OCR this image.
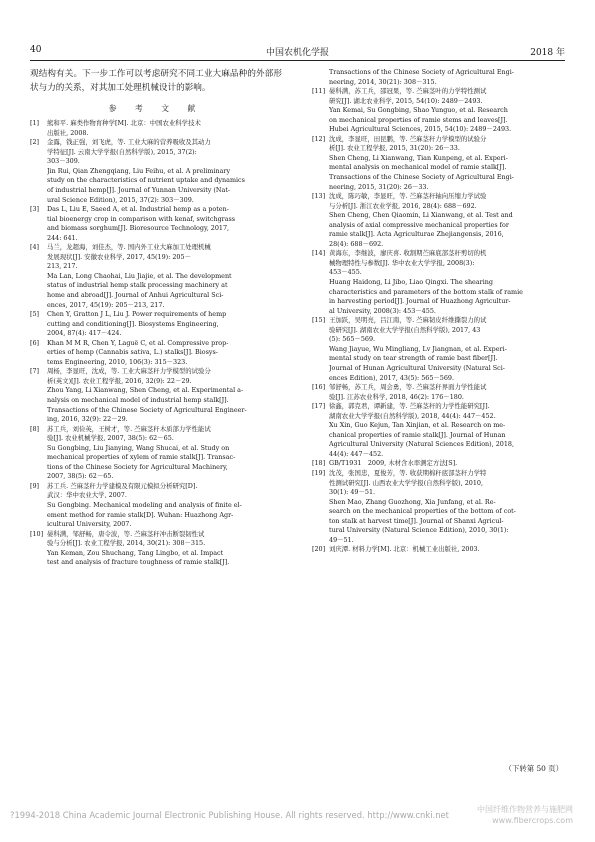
40	中国农机化学报	2018 年

观结构有关。下一步工作可以考虑研究不同工业大麻品种的外部形状与力的关系，对其加工处理机械设计的影响。

参 考 文 献
[1] 熊和平. 麻类作物育种学[M]. 北京：中国农业科学技术
出版社, 2008.
[2] 金露，钱正强，刘飞虎，等. 工业大麻的营养吸收及其动力
学特征[J]. 云南大学学报(自然科学版), 2015, 37(2):
303－309.
Jin Rui, Qian Zhengqiang, Liu Feihu, et al. A preliminary
study on the characteristics of nutrient uptake and dynamics
of industrial hemp[J]. Journal of Yunnan University (Nat-
ural Science Edition), 2015, 37(2): 303－309.
[3] Das L, Liu E, Saeed A, et al. Industrial hemp as a poten-
tial bioenergy crop in comparison with kenaf, switchgrass
and biomass sorghum[J]. Bioresource Technology, 2017,
244: 641.
[4] 马兰，龙超海，刘佳杰，等. 国内外工业大麻加工处理机械
发展现状[J]. 安徽农业科学, 2017, 45(19): 205－
213, 217.
Ma Lan, Long Chaohai, Liu Jiajie, et al. The development
status of industrial hemp stalk processing machinery at
home and abroad[J]. Journal of Anhui Agricultural Sci-
ences, 2017, 45(19): 205－213, 217.
[5] Chen Y, Gratton J L, Liu J. Power requirements of hemp
cutting and conditioning[J]. Biosystems Engineering,
2004, 87(4): 417－424.
[6] Khan M M R, Chen Y, Laguë C, et al. Compressive prop-
erties of hemp (Cannabis sativa, L.) stalks[J]. Biosys-
tems Engineering, 2010, 106(3): 315－323.
[7] 周杨，李显旺，沈成，等. 工业大麻茎秆力学模型的试验分
析(英文)[J]. 农业工程学报, 2016, 32(9): 22－29.
Zhou Yang, Li Xianwang, Shen Cheng, et al. Experimental a-
nalysis on mechanical model of industrial hemp stalk[J].
Transactions of the Chinese Society of Agricultural Engineer-
ing, 2016, 32(9): 22－29.
[8] 苏工兵，刘俭英，王树才，等. 苎麻茎秆木质部力学性能试
验[J]. 农业机械学报, 2007, 38(5): 62－65.
Su Gongbing, Liu Jianying, Wang Shucai, et al. Study on
mechanical properties of xylem of ramie stalk[J]. Transac-
tions of the Chinese Society for Agricultural Machinery,
2007, 38(5): 62－65.
[9] 苏工兵. 苎麻茎秆力学建模及有限元模拟分析研究[D].
武汉：华中农业大学, 2007.
Su Gongbing. Mechanical modeling and analysis of finite el-
ement method for ramie stalk[D]. Wuhan: Huazhong Agr-
icultural University, 2007.
[10] 晏科满，邹舒畅，唐令波，等. 苎麻茎秆冲击断裂韧性试
验与分析[J]. 农业工程学报, 2014, 30(21): 308－315.
Yan Keman, Zou Shuchang, Tang Lingbo, et al. Impact
test and analysis of fracture toughness of ramie stalk[J].
Transactions of the Chinese Society of Agricultural Engi-
neering, 2014, 30(21): 308－315.
[11] 晏科满，苏工兵，邵冠果，等. 苎麻茎叶的力学特性测试
研究[J]. 湖北农业科学, 2015, 54(10): 2489－2493.
Yan Kemai, Su Gongbing, Shao Yunguo, et al. Research
on mechanical properties of ramie stems and leaves[J].
Hubei Agricultural Sciences, 2015, 54(10): 2489－2493.
[12] 沈成，李显旺，田昆鹏，等. 苎麻茎秆力学模型的试验分
析[J]. 农业工程学报, 2015, 31(20): 26－33.
Shen Cheng, Li Xianwang, Tian Kunpeng, et al. Experi-
mental analysis on mechanical model of ramie stalk[J].
Transactions of the Chinese Society of Agricultural Engi-
neering, 2015, 31(20): 26－33.
[13] 沈成，陈巧敏，李显旺，等. 苎麻茎秆轴向压缩力学试验
与分析[J]. 浙江农业学报, 2016, 28(4): 688－692.
Shen Cheng, Chen Qiaomin, Li Xianwang, et al. Test and
analysis of axial compressive mechanical properties for
ramie stalk[J]. Acta Agriculturae Zhejiangensis, 2016,
28(4): 688－692.
[14] 黄海东，李继波，廖庆喜. 收割期苎麻底部茎秆剪切的机
械物理特性与参数[J]. 华中农业大学学报, 2008(3):
453－455.
Huang Haidong, Li Jibo, Liao Qingxi. The shearing
characteristics and parameters of the bottom stalk of ramie
in harvesting period[J]. Journal of Huazhong Agricultur-
al University, 2008(3): 453－455.
[15] 王加跃，吴明亮，吕江南，等. 苎麻韧皮纤维撕裂力的试
验研究[J]. 湖南农业大学学报(自然科学版), 2017, 43
(5): 565－569.
Wang Jiayue, Wu Mingliang, Lv Jiangnan, et al. Experi-
mental study on tear strength of ramie bast fiber[J].
Journal of Hunan Agricultural University (Natural Sci-
ences Edition), 2017, 43(5): 565－569.
[16] 邹舒畅，苏工兵，周会勇，等. 苎麻茎秆界面力学性能试
验[J]. 江苏农业科学, 2018, 46(2): 176－180.
[17] 徐鑫，郭克君，谭新建，等. 苎麻茎秆的力学性能研究[J].
湖南农业大学学报(自然科学版), 2018, 44(4): 447－452.
Xu Xin, Guo Kejun, Tan Xinjian, et al. Research on me-
chanical properties of ramie stalk[J]. Journal of Hunan
Agricultural University (Natural Sciences Edition), 2018,
44(4): 447－452.
[18] GB/T1931　2009, 木材含水率测定方法[S].
[19] 沈茂，张国忠，夏俊芳，等. 收获期棉秆底部茎秆力学特
性测试研究[J]. 山西农业大学学报(自然科学版), 2010,
30(1): 49－51.
Shen Mao, Zhang Guozhong, Xia Junfang, et al. Re-
search on the mechanical properties of the bottom of cot-
ton stalk at harvest time[J]. Journal of Shanxi Agricul-
tural University (Natural Science Edition), 2010, 30(1):
49－51.
[20] 刘庆潭. 材料力学[M]. 北京：机械工业出版社, 2003.
（下转第 50 页）
?1994-2018 China Academic Journal Electronic Publishing House. All rights reserved. http://www.cnki.net
中国纤维作物营养与施肥网
www.fibercrops.com
